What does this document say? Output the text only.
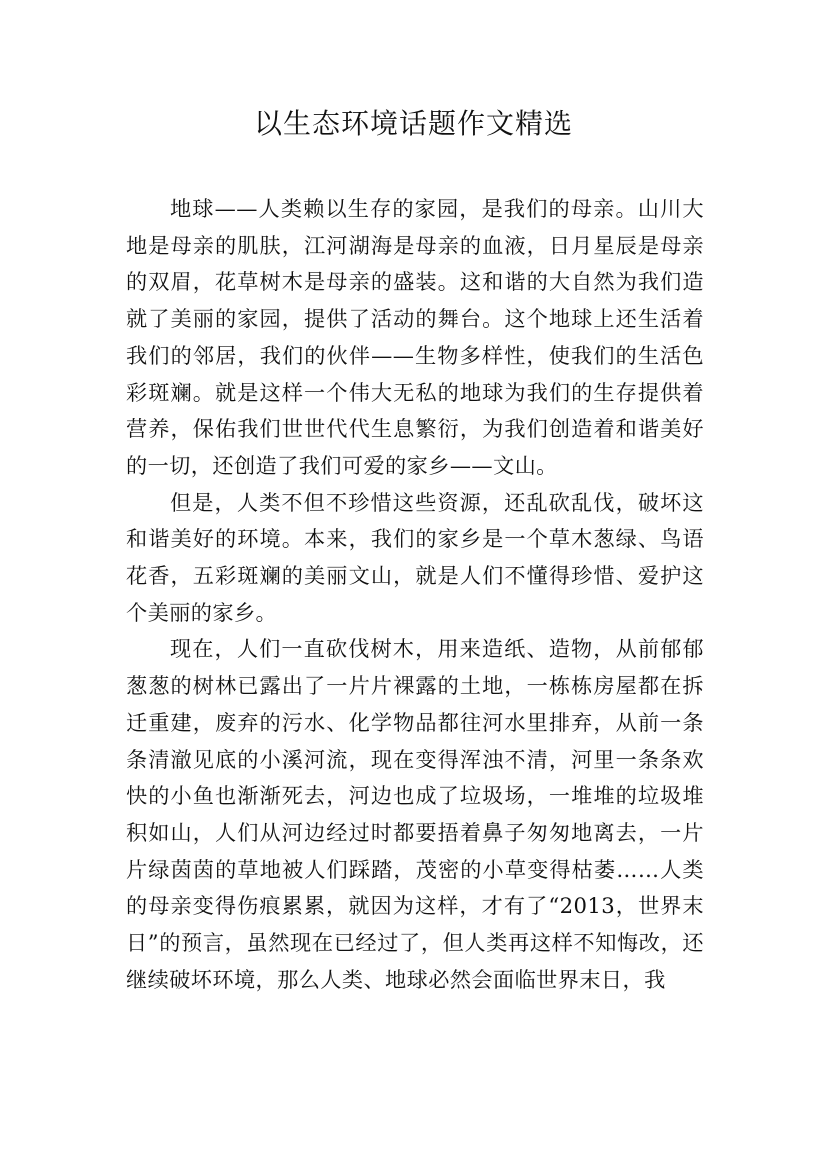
以生态环境话题作文精选

地球——人类赖以生存的家园，是我们的母亲。山川大地是母亲的肌肤，江河湖海是母亲的血液，日月星辰是母亲的双眉，花草树木是母亲的盛装。这和谐的大自然为我们造就了美丽的家园，提供了活动的舞台。这个地球上还生活着我们的邻居，我们的伙伴——生物多样性，使我们的生活色彩斑斓。就是这样一个伟大无私的地球为我们的生存提供着营养，保佑我们世世代代生息繁衍，为我们创造着和谐美好的一切，还创造了我们可爱的家乡——文山。

但是，人类不但不珍惜这些资源，还乱砍乱伐，破坏这和谐美好的环境。本来，我们的家乡是一个草木葱绿、鸟语花香，五彩斑斓的美丽文山，就是人们不懂得珍惜、爱护这个美丽的家乡。

现在，人们一直砍伐树木，用来造纸、造物，从前郁郁葱葱的树林已露出了一片片裸露的土地，一栋栋房屋都在拆迁重建，废弃的污水、化学物品都往河水里排弃，从前一条条清澈见底的小溪河流，现在变得浑浊不清，河里一条条欢快的小鱼也渐渐死去，河边也成了垃圾场，一堆堆的垃圾堆积如山，人们从河边经过时都要捂着鼻子匆匆地离去，一片片绿茵茵的草地被人们踩踏，茂密的小草变得枯萎……人类的母亲变得伤痕累累，就因为这样，才有了“2013，世界末日”的预言，虽然现在已经过了，但人类再这样不知悔改，还继续破坏环境，那么人类、地球必然会面临世界末日，我
